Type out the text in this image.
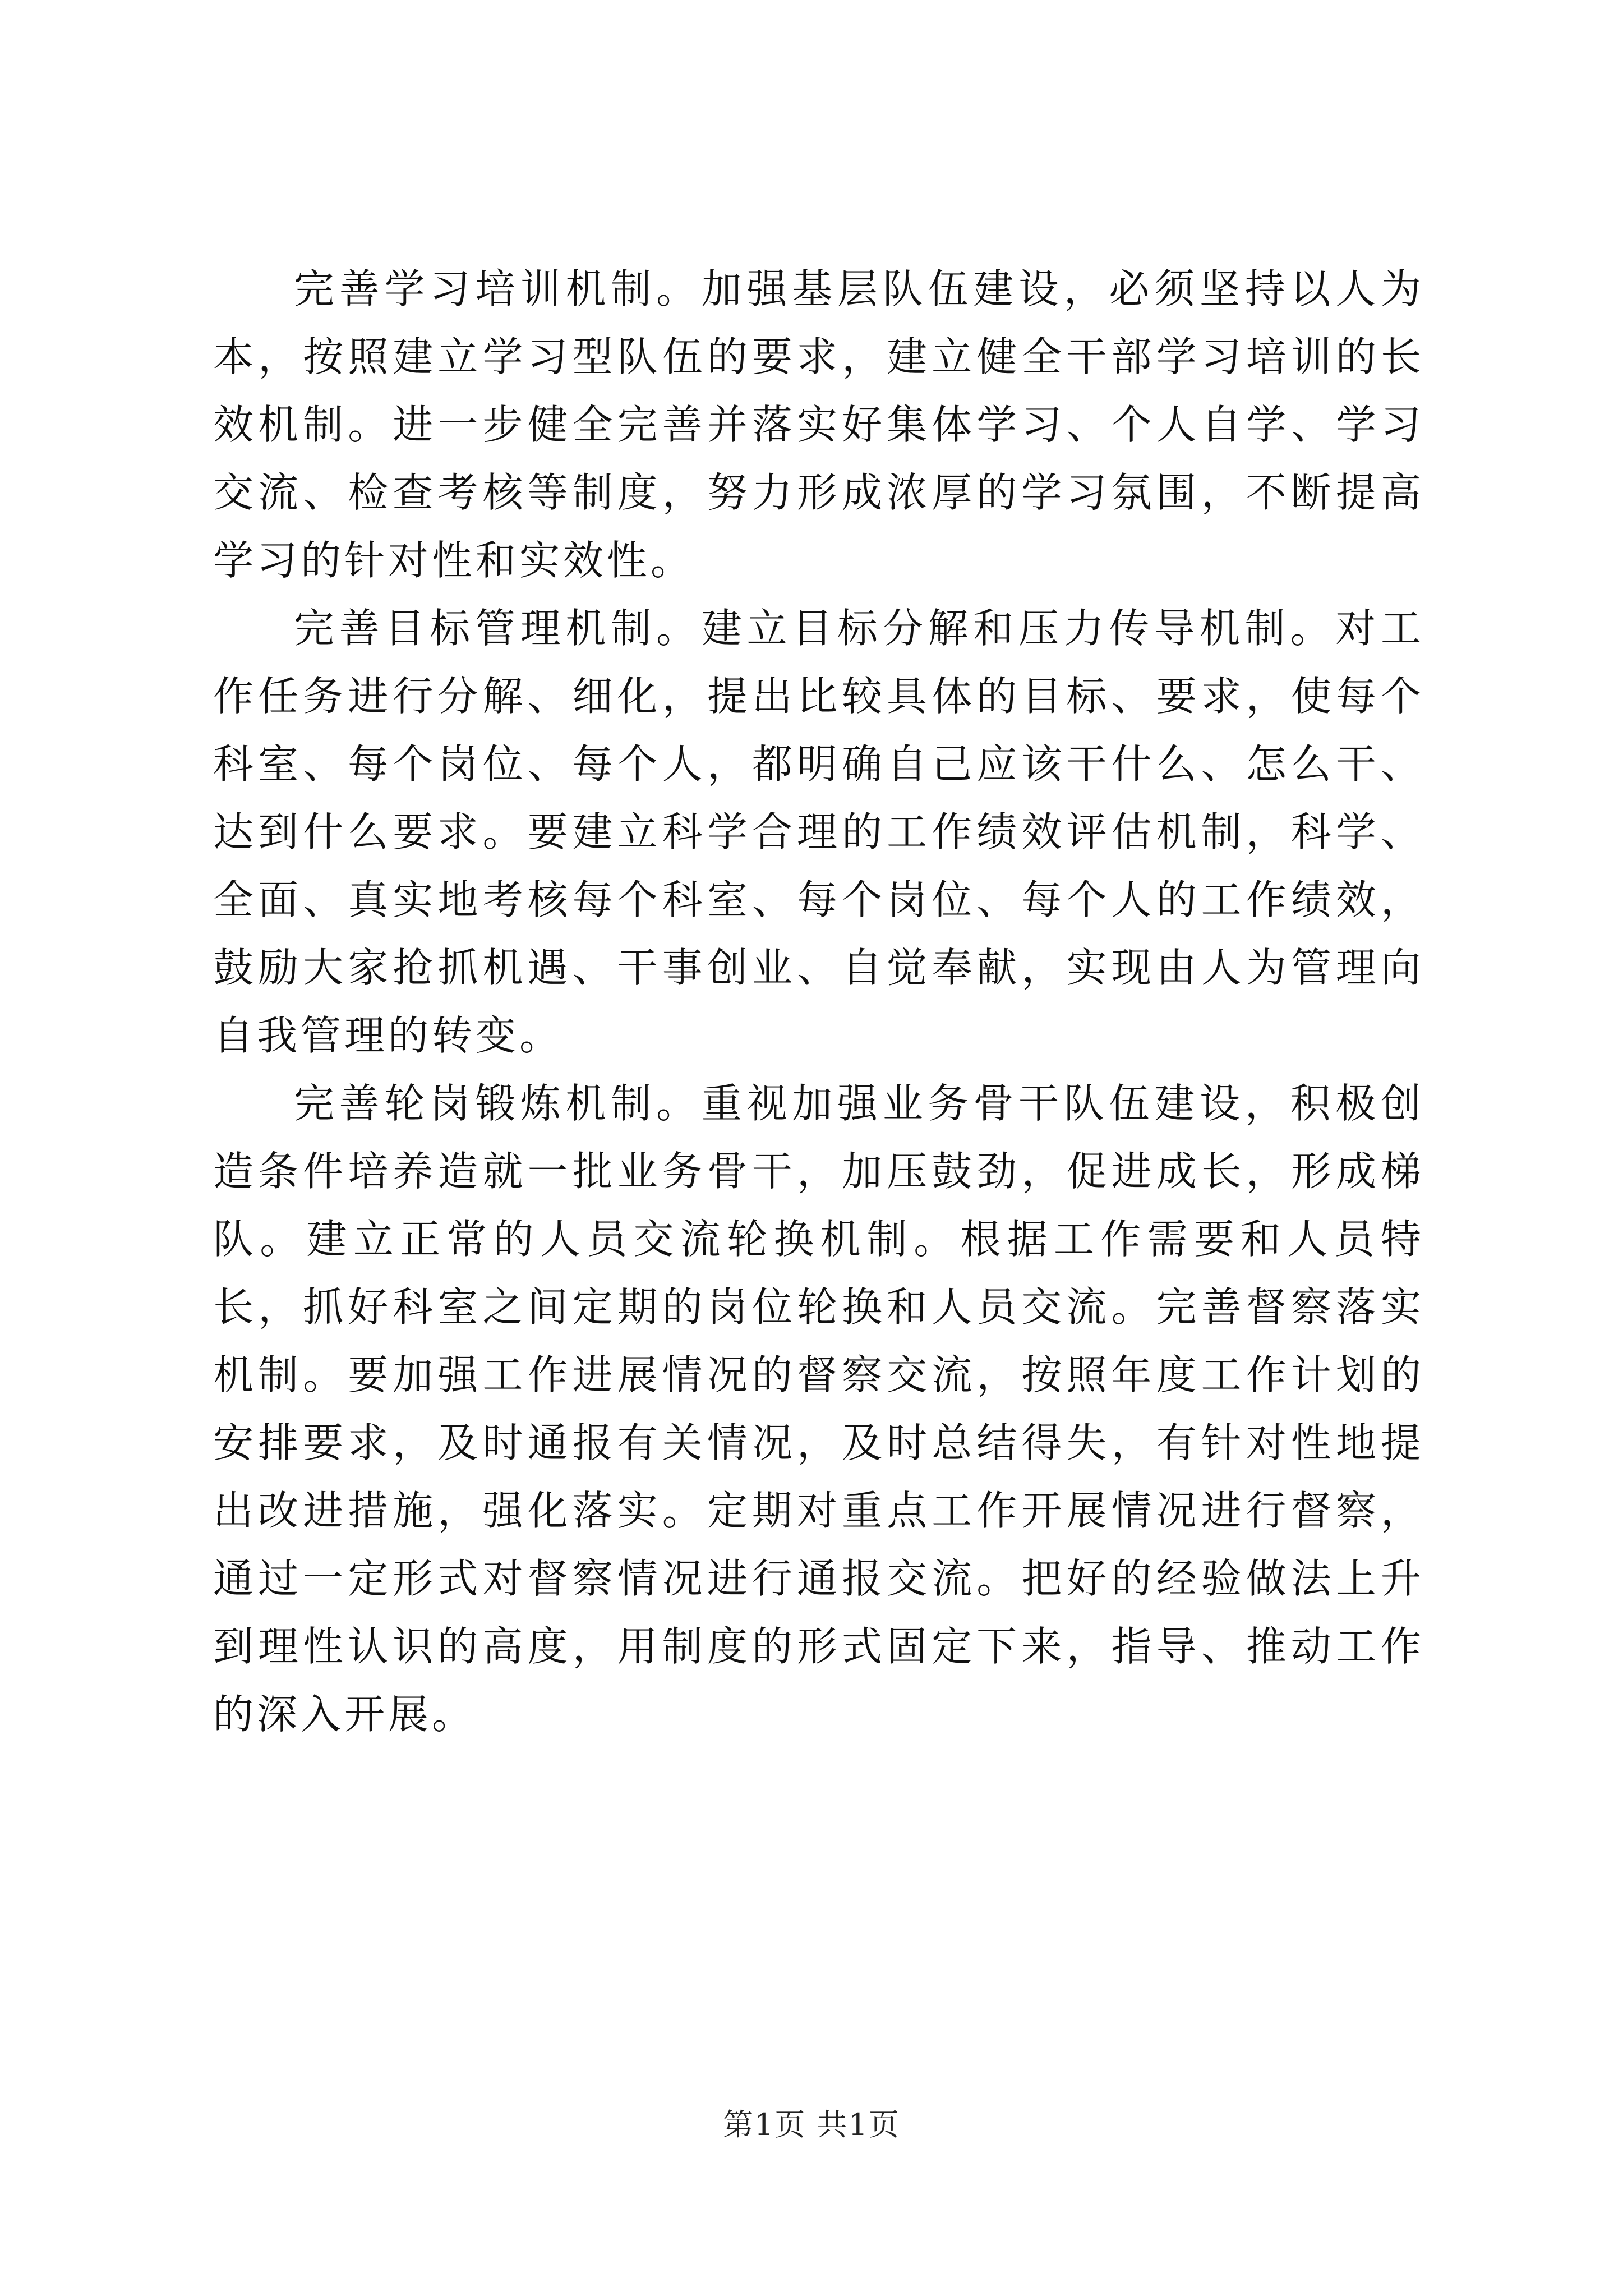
完善学习培训机制。加强基层队伍建设，必须坚持以人为本，按照建立学习型队伍的要求，建立健全干部学习培训的长效机制。进一步健全完善并落实好集体学习、个人自学、学习交流、检查考核等制度，努力形成浓厚的学习氛围，不断提高学习的针对性和实效性。

完善目标管理机制。建立目标分解和压力传导机制。对工作任务进行分解、细化，提出比较具体的目标、要求，使每个科室、每个岗位、每个人，都明确自己应该干什么、怎么干、达到什么要求。要建立科学合理的工作绩效评估机制，科学、全面、真实地考核每个科室、每个岗位、每个人的工作绩效，鼓励大家抢抓机遇、干事创业、自觉奉献，实现由人为管理向自我管理的转变。

完善轮岗锻炼机制。重视加强业务骨干队伍建设，积极创造条件培养造就一批业务骨干，加压鼓劲，促进成长，形成梯队。建立正常的人员交流轮换机制。根据工作需要和人员特长，抓好科室之间定期的岗位轮换和人员交流。完善督察落实机制。要加强工作进展情况的督察交流，按照年度工作计划的安排要求，及时通报有关情况，及时总结得失，有针对性地提出改进措施，强化落实。定期对重点工作开展情况进行督察，通过一定形式对督察情况进行通报交流。把好的经验做法上升到理性认识的高度，用制度的形式固定下来，指导、推动工作的深入开展。

第1页 共1页
